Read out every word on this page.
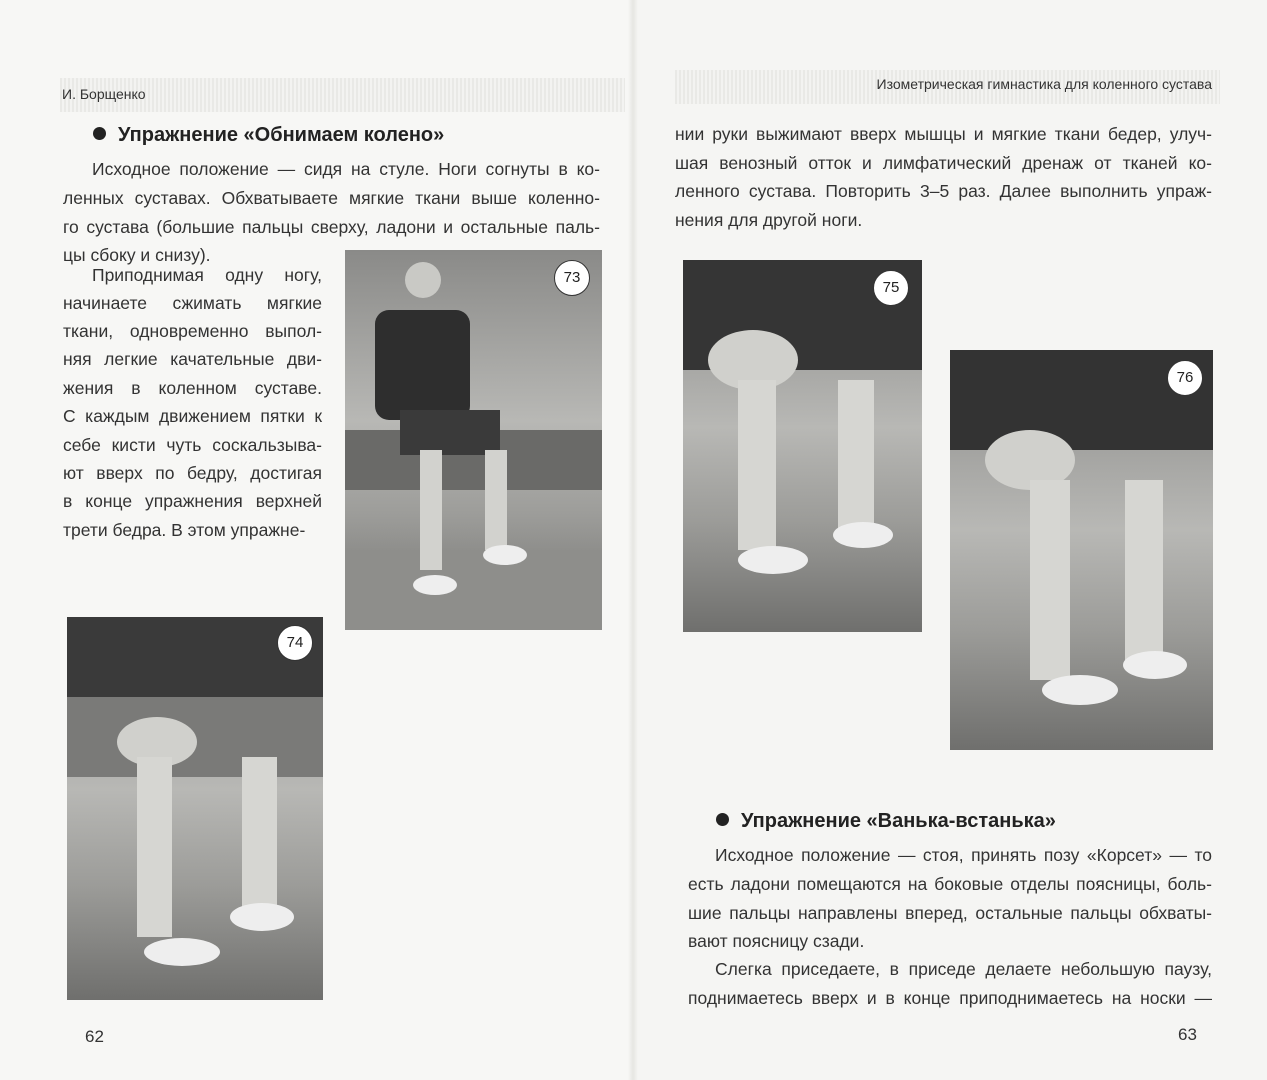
И. Борщенко
Упражнение «Обнимаем колено»
Исходное положение — сидя на стуле. Ноги согнуты в ко-
ленных суставах. Обхватываете мягкие ткани выше коленно-
го сустава (большие пальцы сверху, ладони и остальные паль-
цы сбоку и снизу).
Приподнимая одну ногу,
начинаете сжимать мягкие
ткани, одновременно выпол-
няя легкие качательные дви-
жения в коленном суставе.
С каждым движением пятки к
себе кисти чуть соскальзыва-
ют вверх по бедру, достигая
в конце упражнения верхней
трети бедра. В этом упражне-
73
74
62
Изометрическая гимнастика для коленного сустава
нии руки выжимают вверх мышцы и мягкие ткани бедер, улуч-
шая венозный отток и лимфатический дренаж от тканей ко-
ленного сустава. Повторить 3–5 раз. Далее выполнить упраж-
нения для другой ноги.
75
76
Упражнение «Ванька-встанька»
Исходное положение — стоя, принять позу «Корсет» — то
есть ладони помещаются на боковые отделы поясницы, боль-
шие пальцы направлены вперед, остальные пальцы обхваты-
вают поясницу сзади.
Слегка приседаете, в приседе делаете небольшую паузу,
поднимаетесь вверх и в конце приподнимаетесь на носки —
63
